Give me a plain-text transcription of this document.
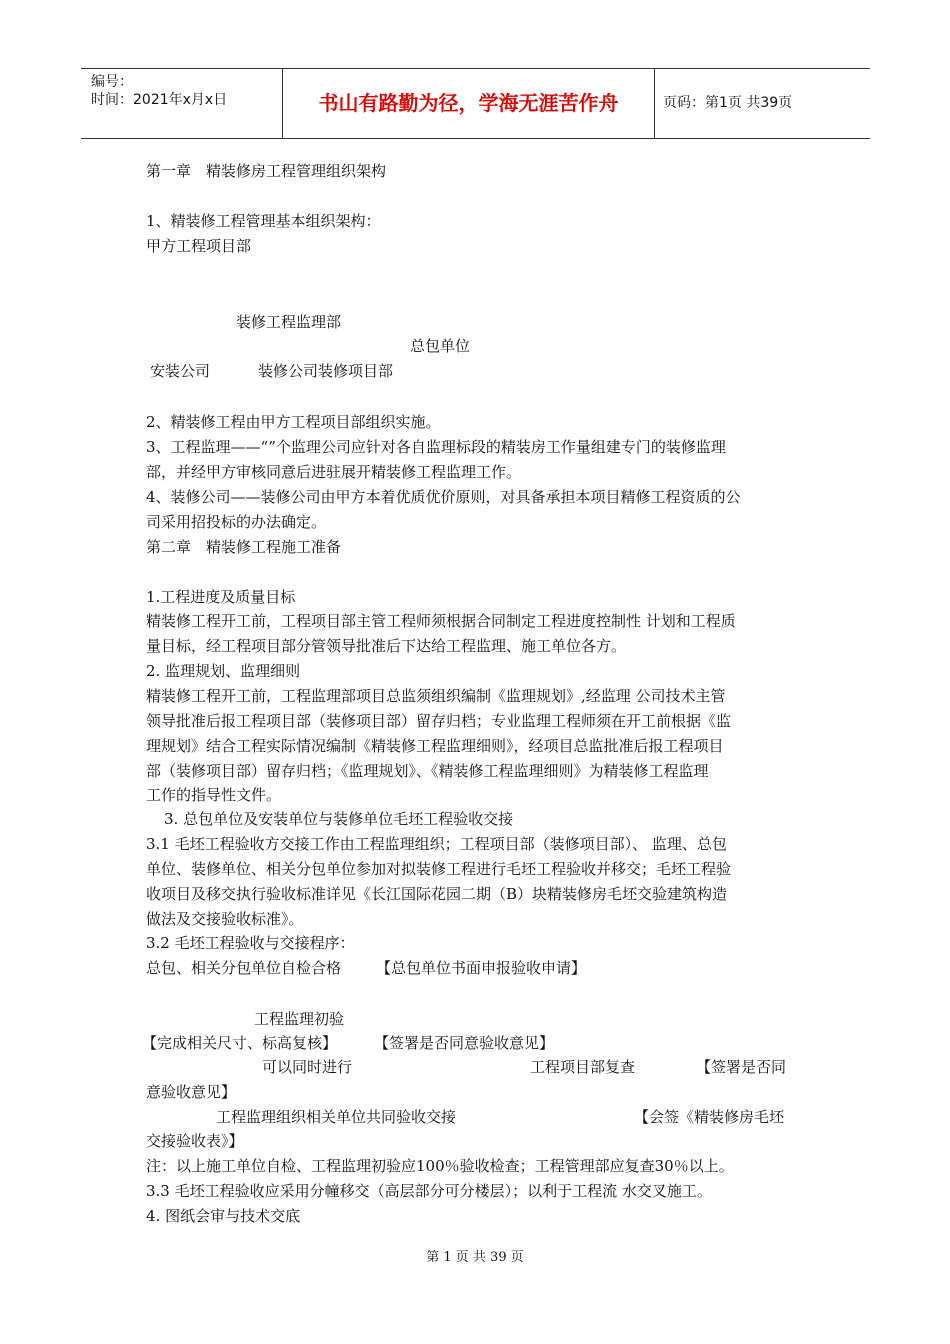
编号：
时间：2021年x月x日	书山有路勤为径，学海无涯苦作舟	页码：第1页 共39页
第一章　精装修房工程管理组织架构
1、精装修工程管理基本组织架构：
甲方工程项目部
装修工程监理部
总包单位
安装公司	装修公司装修项目部
2、精装修工程由甲方工程项目部组织实施。
3、工程监理——“”个监理公司应针对各自监理标段的精装房工作量组建专门的装修监理
部，并经甲方审核同意后进驻展开精装修工程监理工作。
4、装修公司——装修公司由甲方本着优质优价原则，对具备承担本项目精修工程资质的公
司采用招投标的办法确定。
第二章　精装修工程施工准备
1.工程进度及质量目标
精装修工程开工前，工程项目部主管工程师须根据合同制定工程进度控制性 计划和工程质
量目标，经工程项目部分管领导批准后下达给工程监理、施工单位各方。
2. 监理规划、监理细则
精装修工程开工前，工程监理部项目总监须组织编制《监理规划》,经监理 公司技术主管
领导批准后报工程项目部（装修项目部）留存归档；专业监理工程师须在开工前根据《监
理规划》结合工程实际情况编制《精装修工程监理细则》，经项目总监批准后报工程项目
部（装修项目部）留存归档；《监理规划》、《精装修工程监理细则》为精装修工程监理
工作的指导性文件。
3. 总包单位及安装单位与装修单位毛坯工程验收交接
3.1 毛坯工程验收方交接工作由工程监理组织；工程项目部（装修项目部）、 监理、总包
单位、装修单位、相关分包单位参加对拟装修工程进行毛坯工程验收并移交；毛坯工程验
收项目及移交执行验收标准详见《长江国际花园二期（B）块精装修房毛坯交验建筑构造
做法及交接验收标准》。
3.2 毛坯工程验收与交接程序：
总包、相关分包单位自检合格 【总包单位书面申报验收申请】
工程监理初验
【完成相关尺寸、标高复核】 【签署是否同意验收意见】
可以同时进行	工程项目部复查	【签署是否同
意验收意见】
工程监理组织相关单位共同验收交接	【会签《精装修房毛坯
交接验收表》】
注：以上施工单位自检、工程监理初验应100％验收检查；工程管理部应复查30％以上。
3.3 毛坯工程验收应采用分幢移交（高层部分可分楼层）；以利于工程流 水交叉施工。
4. 图纸会审与技术交底
第 1 页 共 39 页
